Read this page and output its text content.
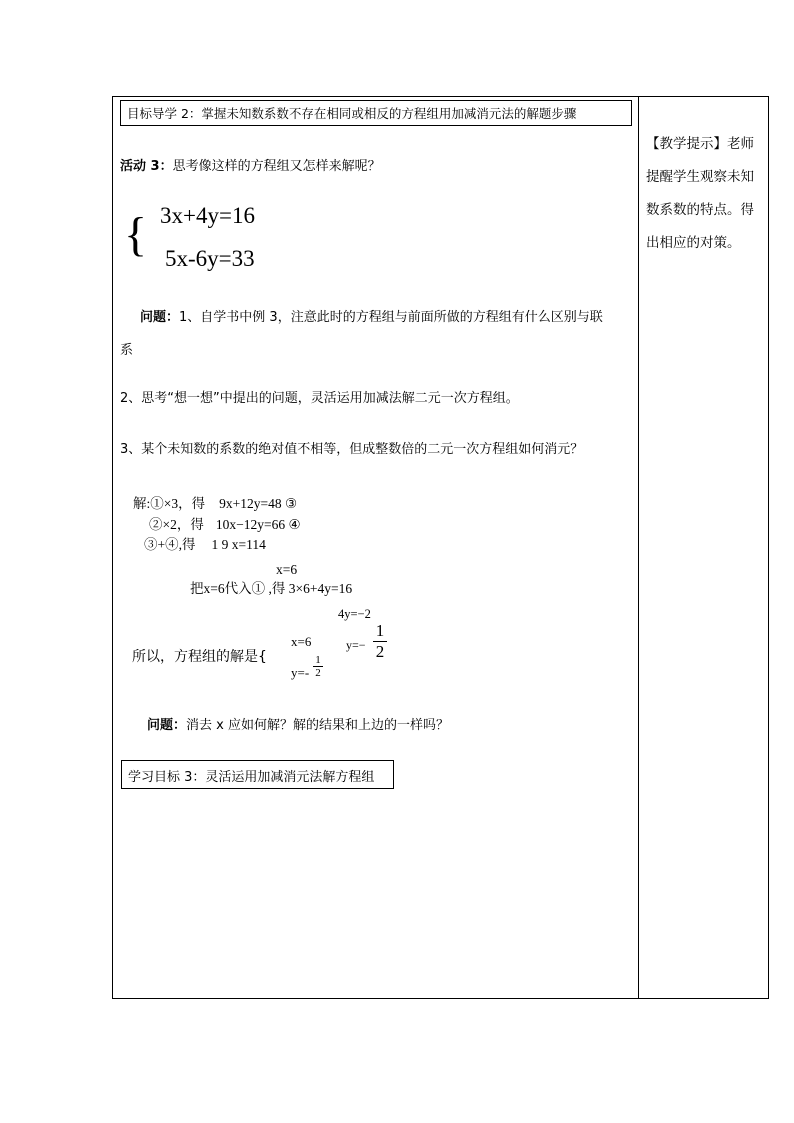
目标导学 2：掌握未知数系数不存在相同或相反的方程组用加减消元法的解题步骤
活动 3：思考像这样的方程组又怎样来解呢？
{ 3x+4y=16
5x-6y=33
问题：1、自学书中例 3，注意此时的方程组与前面所做的方程组有什么区别与联
系
2、思考“想一想”中提出的问题，灵活运用加减法解二元一次方程组。
3、某个未知数的系数的绝对值不相等，但成整数倍的二元一次方程组如何消元？
解:①×3，得 9x+12y=48 ③
②×2，得 10x−12y=66 ④
③+④,得 1 9 x=114
x=6
把x=6代入① ,得 3×6+4y=16
4y=−2
$y=- \frac{1}{2}$
所以，方程组的解是{
x=6
$y=- \frac{1}{2}$
问题：消去 x 应如何解？解的结果和上边的一样吗？
学习目标 3：灵活运用加减消元法解方程组
【教学提示】老师提醒学生观察未知数系数的特点。得出相应的对策。
